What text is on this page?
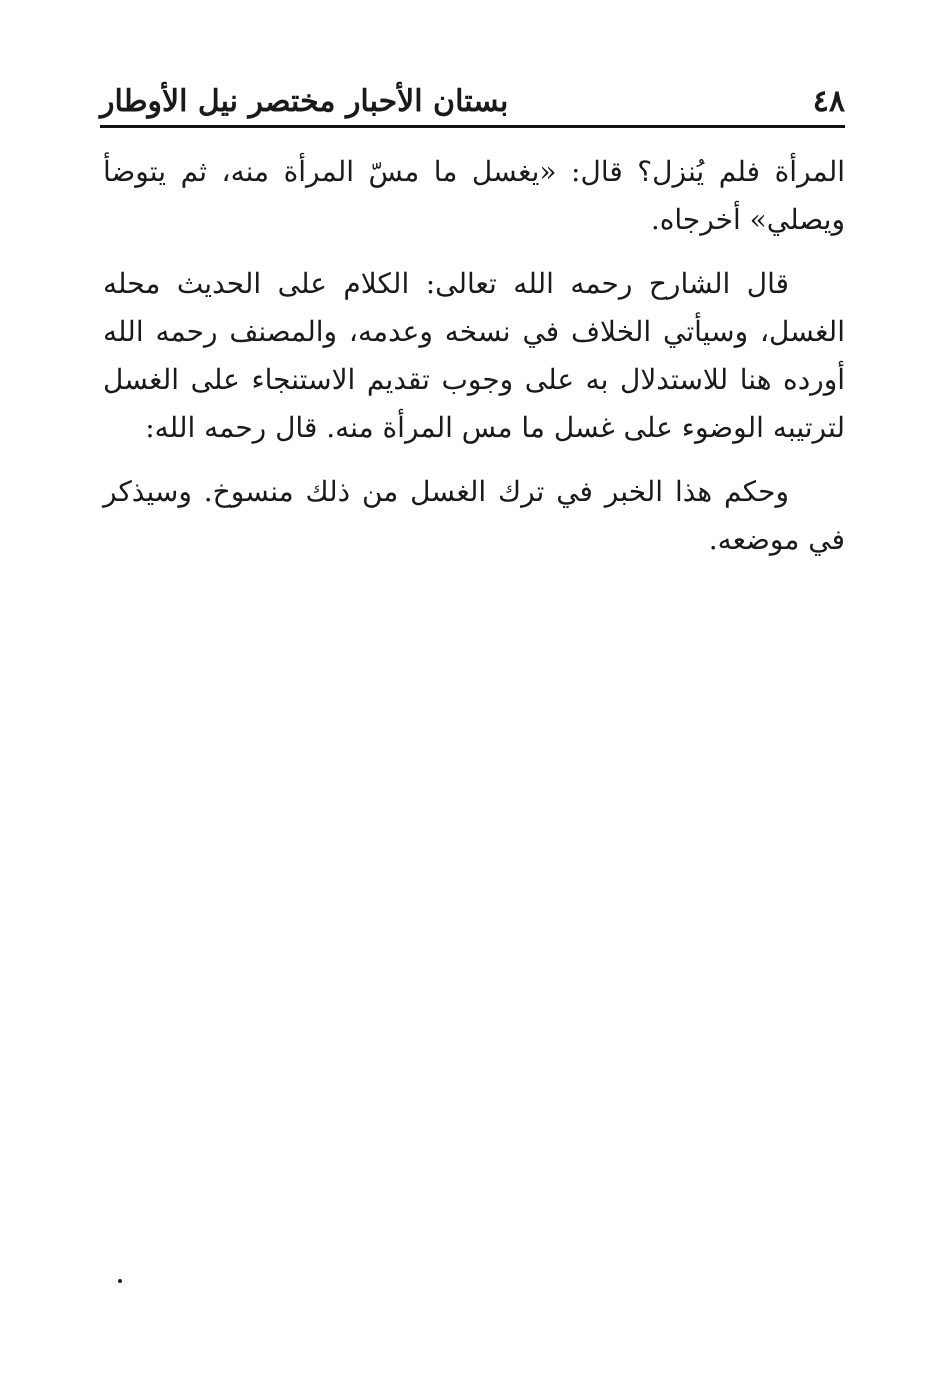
٤٨
بستان الأحبار مختصر نيل الأوطار

المرأة فلم يُنزل؟ قال: «يغسل ما مسّ المرأة منه، ثم يتوضأ ويصلي» أخرجاه.

قال الشارح رحمه الله تعالى: الكلام على الحديث محله الغسل، وسيأتي الخلاف في نسخه وعدمه، والمصنف رحمه الله أورده هنا للاستدلال به على وجوب تقديم الاستنجاء على الغسل لترتيبه الوضوء على غسل ما مس المرأة منه. قال رحمه الله:

وحكم هذا الخبر في ترك الغسل من ذلك منسوخ. وسيذكر في موضعه.
